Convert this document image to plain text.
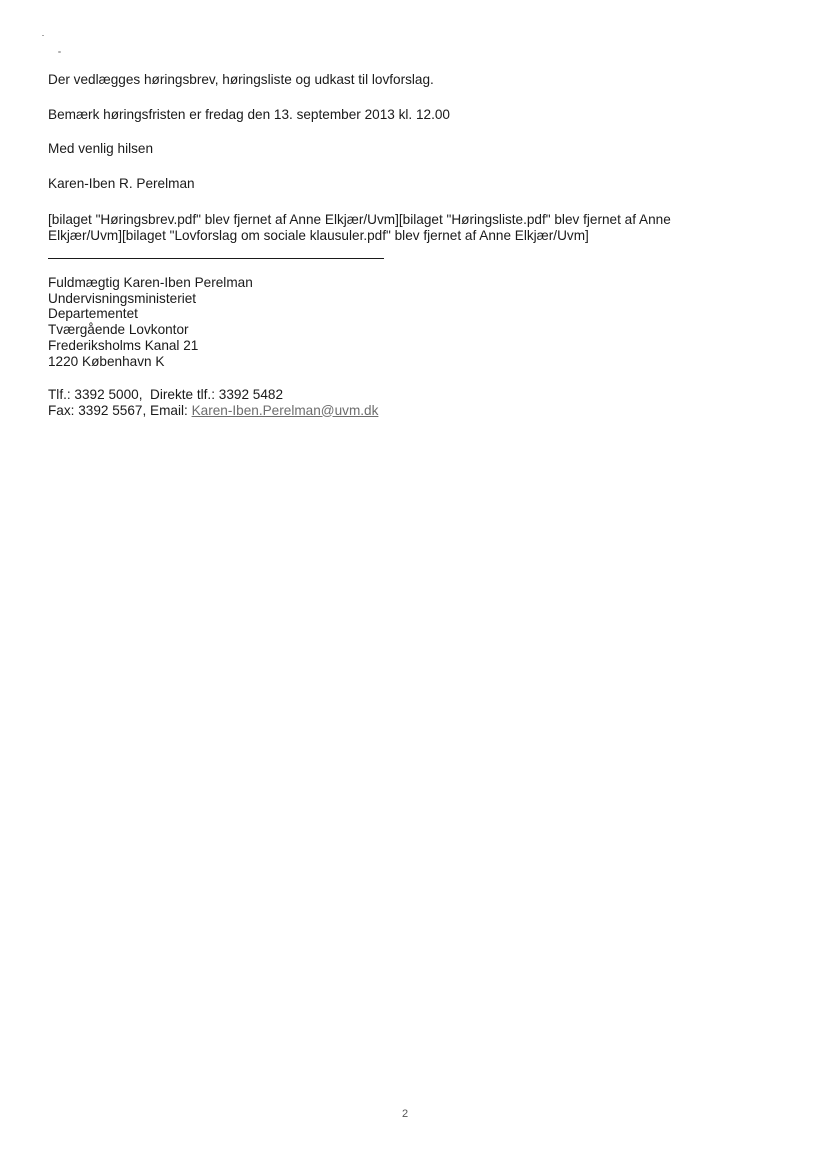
Der vedlægges høringsbrev, høringsliste og udkast til lovforslag.
Bemærk høringsfristen er fredag den 13. september 2013 kl. 12.00
Med venlig hilsen
Karen-Iben R. Perelman
[bilaget "Høringsbrev.pdf" blev fjernet af Anne Elkjær/Uvm][bilaget "Høringsliste.pdf" blev fjernet af Anne
Elkjær/Uvm][bilaget "Lovforslag om sociale klausuler.pdf" blev fjernet af Anne Elkjær/Uvm]
Fuldmægtig Karen-Iben Perelman
Undervisningsministeriet
Departementet
Tværgående Lovkontor
Frederiksholms Kanal 21
1220 København K
Tlf.: 3392 5000,  Direkte tlf.: 3392 5482
Fax: 3392 5567, Email: Karen-Iben.Perelman@uvm.dk
2
